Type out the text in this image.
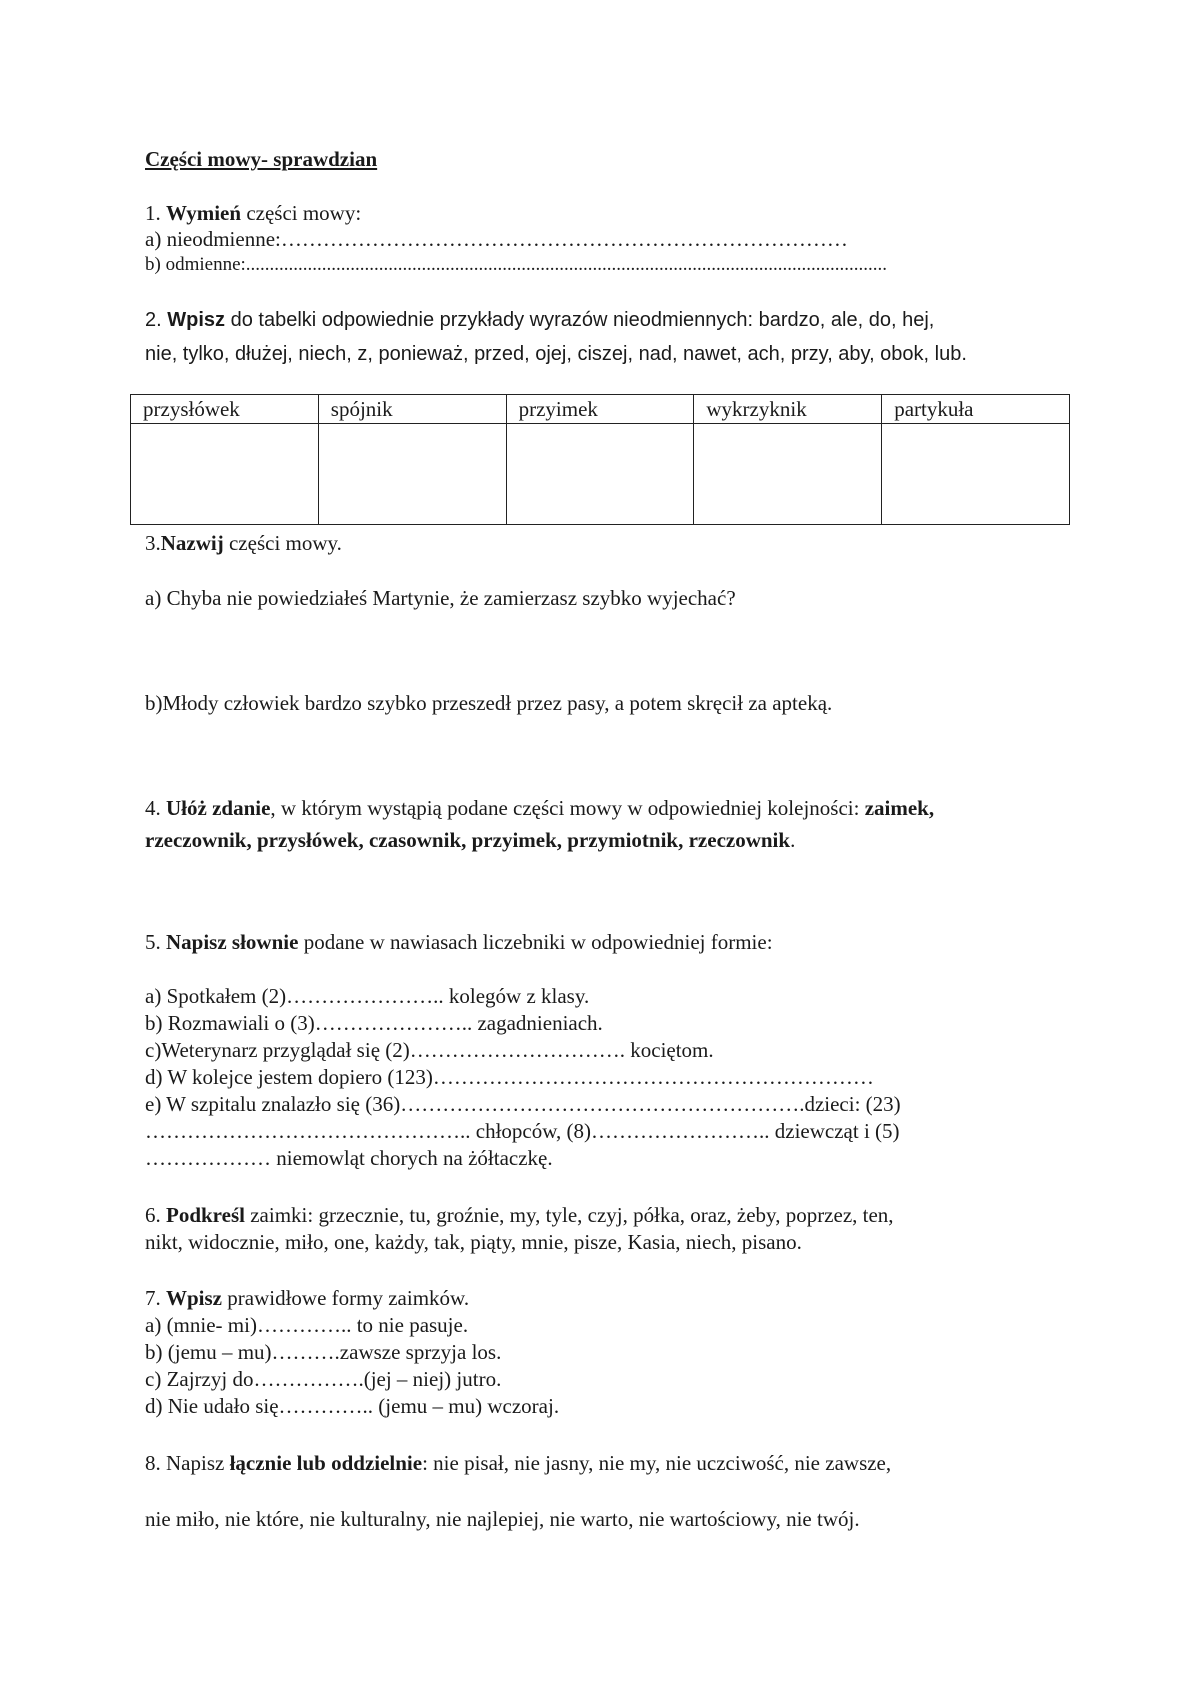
Części mowy- sprawdzian
1. Wymień części mowy:
a) nieodmienne:………………………………………………………………………
b) odmienne:.......................................................................................................................................
2. Wpisz do tabelki odpowiednie przykłady wyrazów nieodmiennych: bardzo, ale, do, hej,
nie, tylko, dłużej, niech, z, ponieważ, przed, ojej, ciszej, nad, nawet, ach, przy, aby, obok, lub.
przysłówek	spójnik	przyimek	wykrzyknik	partykuła

3.Nazwij części mowy.
a) Chyba nie powiedziałeś Martynie, że zamierzasz szybko wyjechać?
b)Młody człowiek bardzo szybko przeszedł przez pasy, a potem skręcił za apteką.
4. Ułóż zdanie, w którym wystąpią podane części mowy w odpowiedniej kolejności: zaimek,
rzeczownik, przysłówek, czasownik, przyimek, przymiotnik, rzeczownik.
5. Napisz słownie podane w nawiasach liczebniki w odpowiedniej formie:
a) Spotkałem (2)………………….. kolegów z klasy.
b) Rozmawiali o (3)………………….. zagadnieniach.
c)Weterynarz przyglądał się (2)…………………………. kociętom.
d) W kolejce jestem dopiero (123)………………………………………………………
e) W szpitalu znalazło się (36)………………………………………………….dzieci: (23)
……………………………………….. chłopców, (8)…………………….. dziewcząt i (5)
……………… niemowląt chorych na żółtaczkę.
6. Podkreśl zaimki: grzecznie, tu, groźnie, my, tyle, czyj, półka, oraz, żeby, poprzez, ten,
nikt, widocznie, miło, one, każdy, tak, piąty, mnie, pisze, Kasia, niech, pisano.
7. Wpisz prawidłowe formy zaimków.
a) (mnie- mi)………….. to nie pasuje.
b) (jemu – mu)……….zawsze sprzyja los.
c) Zajrzyj do…………….(jej – niej) jutro.
d) Nie udało się………….. (jemu – mu) wczoraj.
8. Napisz łącznie lub oddzielnie: nie pisał, nie jasny, nie my, nie uczciwość, nie zawsze,
nie miło, nie które, nie kulturalny, nie najlepiej, nie warto, nie wartościowy, nie twój.
